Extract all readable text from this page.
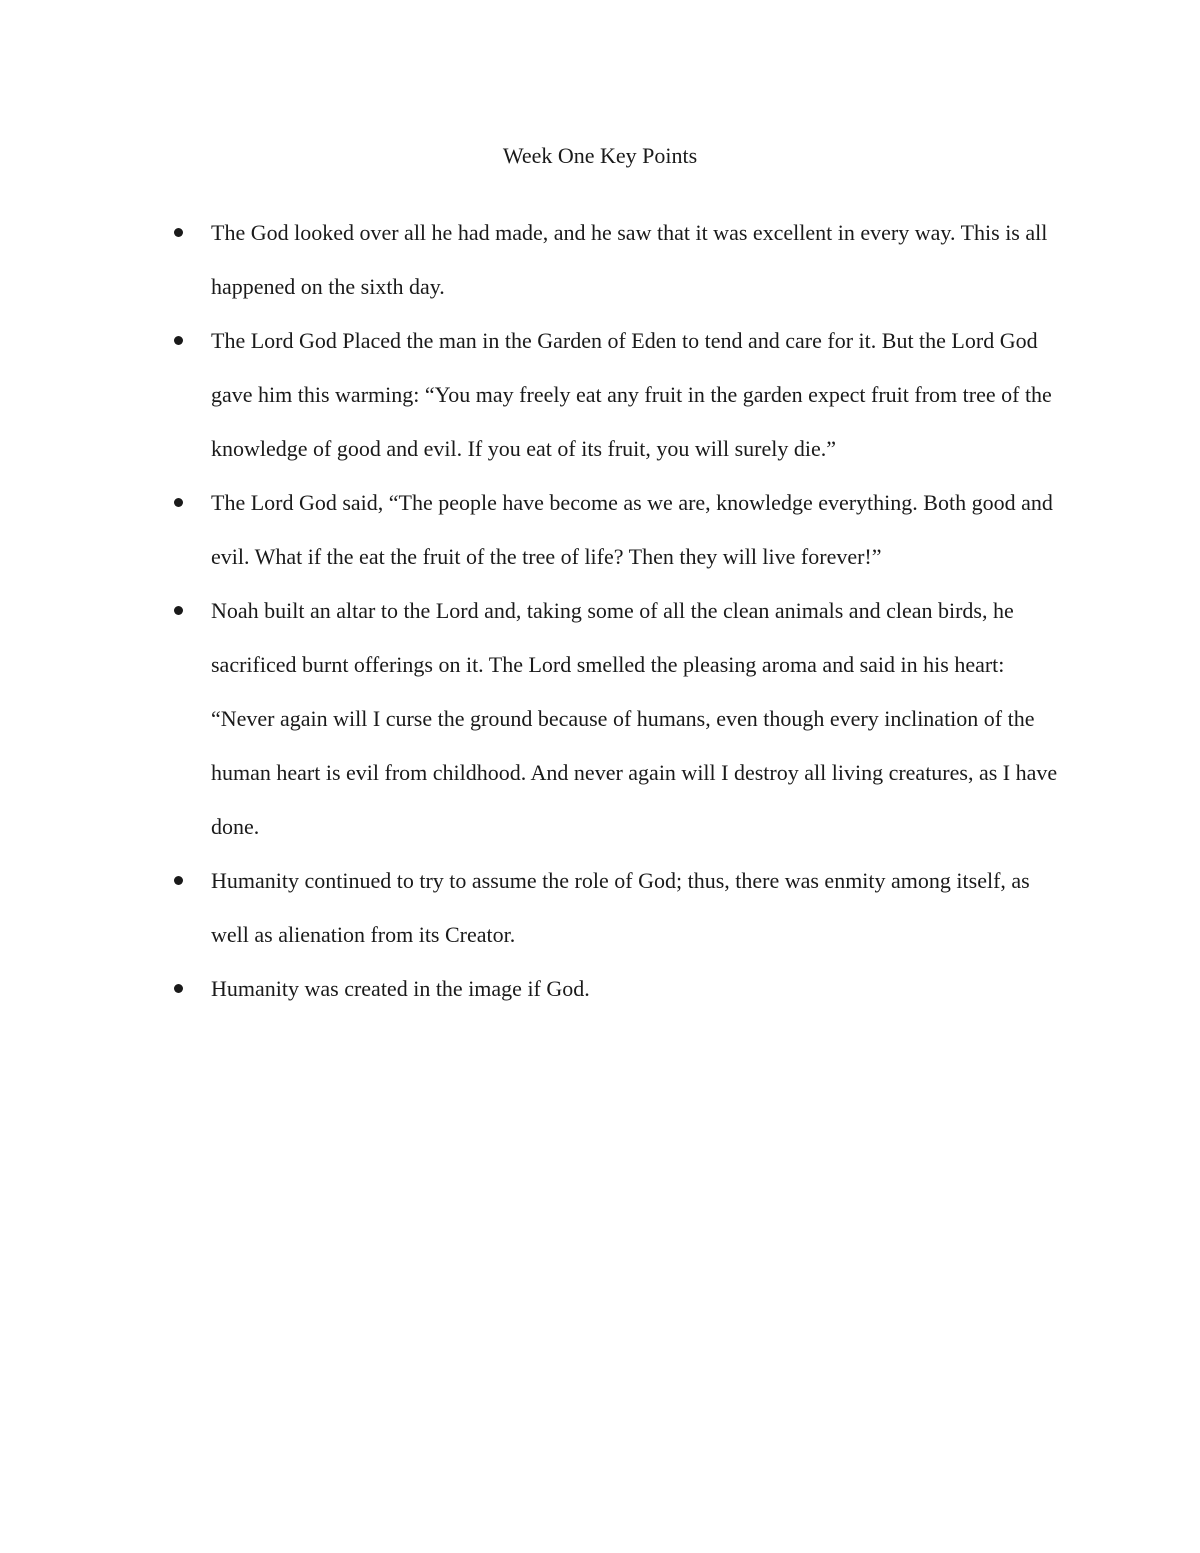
Week One Key Points
The God looked over all he had made, and he saw that it was excellent in every way. This is all happened on the sixth day.
The Lord God Placed the man in the Garden of Eden to tend and care for it. But the Lord God gave him this warming: “You may freely eat any fruit in the garden expect fruit from tree of the knowledge of good and evil. If you eat of its fruit, you will surely die.”
The Lord God said, “The people have become as we are, knowledge everything. Both good and evil. What if the eat the fruit of the tree of life? Then they will live forever!”
Noah built an altar to the Lord and, taking some of all the clean animals and clean birds, he sacrificed burnt offerings on it. The Lord smelled the pleasing aroma and said in his heart: “Never again will I curse the ground because of humans, even though every inclination of the human heart is evil from childhood. And never again will I destroy all living creatures, as I have done.
Humanity continued to try to assume the role of God; thus, there was enmity among itself, as well as alienation from its Creator.
Humanity was created in the image if God.
